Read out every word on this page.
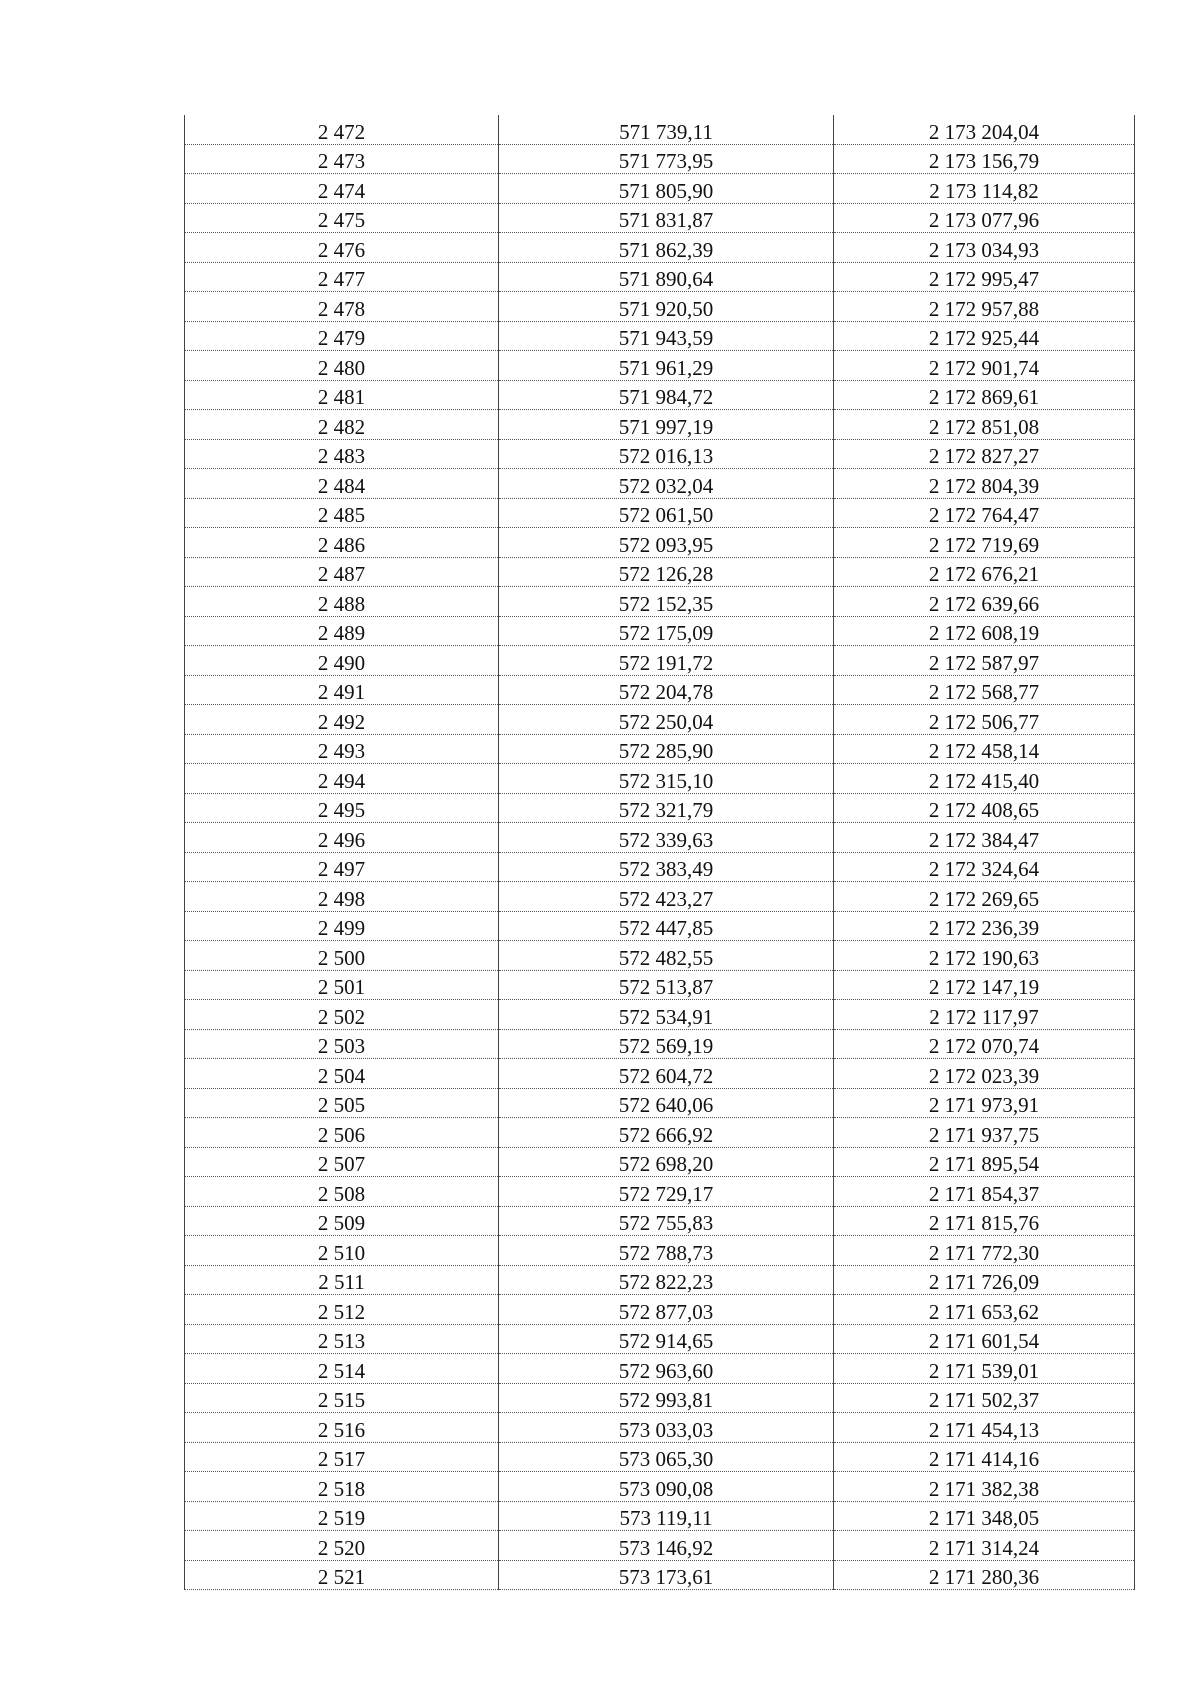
2 472	571 739,11	2 173 204,04
2 473	571 773,95	2 173 156,79
2 474	571 805,90	2 173 114,82
2 475	571 831,87	2 173 077,96
2 476	571 862,39	2 173 034,93
2 477	571 890,64	2 172 995,47
2 478	571 920,50	2 172 957,88
2 479	571 943,59	2 172 925,44
2 480	571 961,29	2 172 901,74
2 481	571 984,72	2 172 869,61
2 482	571 997,19	2 172 851,08
2 483	572 016,13	2 172 827,27
2 484	572 032,04	2 172 804,39
2 485	572 061,50	2 172 764,47
2 486	572 093,95	2 172 719,69
2 487	572 126,28	2 172 676,21
2 488	572 152,35	2 172 639,66
2 489	572 175,09	2 172 608,19
2 490	572 191,72	2 172 587,97
2 491	572 204,78	2 172 568,77
2 492	572 250,04	2 172 506,77
2 493	572 285,90	2 172 458,14
2 494	572 315,10	2 172 415,40
2 495	572 321,79	2 172 408,65
2 496	572 339,63	2 172 384,47
2 497	572 383,49	2 172 324,64
2 498	572 423,27	2 172 269,65
2 499	572 447,85	2 172 236,39
2 500	572 482,55	2 172 190,63
2 501	572 513,87	2 172 147,19
2 502	572 534,91	2 172 117,97
2 503	572 569,19	2 172 070,74
2 504	572 604,72	2 172 023,39
2 505	572 640,06	2 171 973,91
2 506	572 666,92	2 171 937,75
2 507	572 698,20	2 171 895,54
2 508	572 729,17	2 171 854,37
2 509	572 755,83	2 171 815,76
2 510	572 788,73	2 171 772,30
2 511	572 822,23	2 171 726,09
2 512	572 877,03	2 171 653,62
2 513	572 914,65	2 171 601,54
2 514	572 963,60	2 171 539,01
2 515	572 993,81	2 171 502,37
2 516	573 033,03	2 171 454,13
2 517	573 065,30	2 171 414,16
2 518	573 090,08	2 171 382,38
2 519	573 119,11	2 171 348,05
2 520	573 146,92	2 171 314,24
2 521	573 173,61	2 171 280,36
